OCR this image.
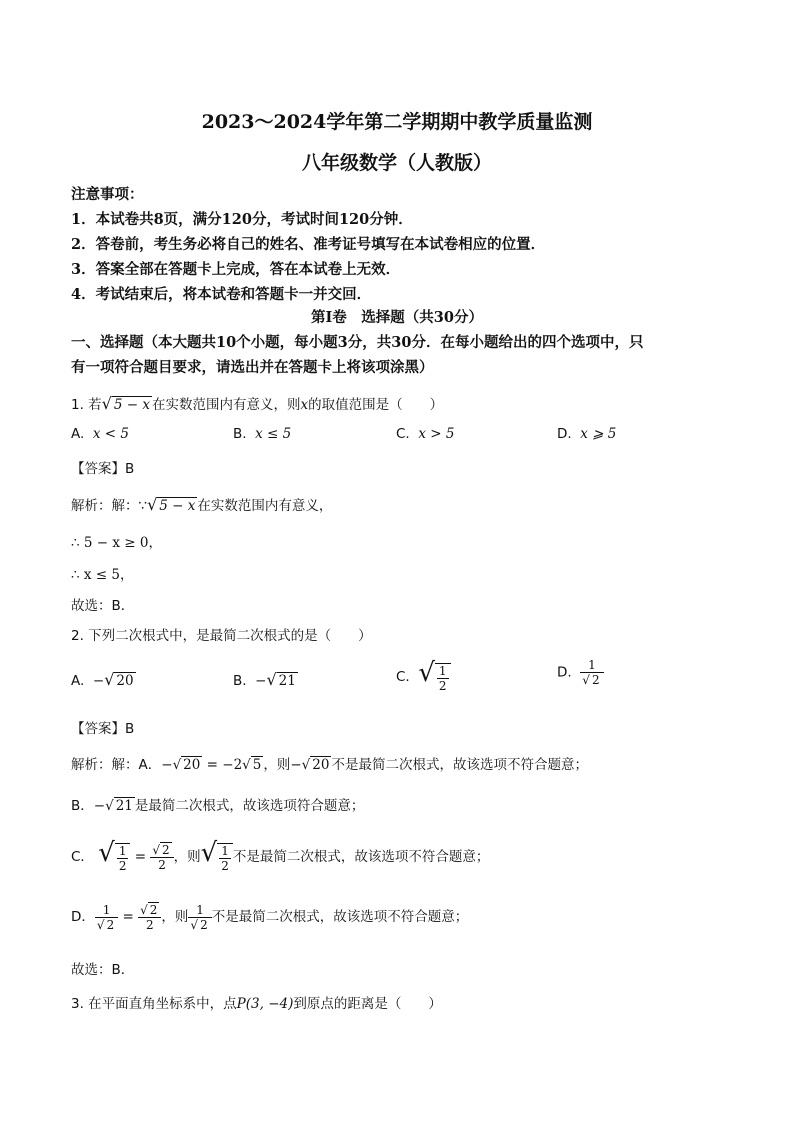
2023～2024学年第二学期期中教学质量监测
八年级数学（人教版）
注意事项：
1．本试卷共8页，满分120分，考试时间120分钟．
2．答卷前，考生务必将自己的姓名、准考证号填写在本试卷相应的位置．
3．答案全部在答题卡上完成，答在本试卷上无效．
4．考试结束后，将本试卷和答题卡一并交回．
第Ⅰ卷　选择题（共30分）
一、选择题（本大题共10个小题，每小题3分，共30分．在每小题给出的四个选项中，只
有一项符合题目要求，请选出并在答题卡上将该项涂黑）
1. 若√ 5 − x 在实数范围内有意义，则x的取值范围是（　　）
A. x < 5	B. x ≤ 5	C. x > 5	D. x ⩾ 5
【答案】B
解析：解：∵√ 5 − x 在实数范围内有意义，
∴ 5 − x ≥ 0，
∴ x ≤ 5，
故选：B．
2. 下列二次根式中，是最简二次根式的是（　　）
A. −√ 20	B. −√ 21	C. √ $\frac{1}{2}$	D. $\frac{1}{√ 2}$
【答案】B
解析：解：A．−√ 20 = −2√ 5 ，则−√ 20 不是最简二次根式，故该选项不符合题意；
B．−√ 21 是最简二次根式，故该选项符合题意；
C． √ $\frac{1}{2} = \frac{√ 2}{2}$ ，则√ $\frac{1}{2}$ 不是最简二次根式，故该选项不符合题意；
D． $\frac{1}{√ 2} = \frac{√ 2}{2}$ ，则 $\frac{1}{√ 2}$ 不是最简二次根式，故该选项不符合题意；
故选：B．
3. 在平面直角坐标系中，点P(3, −4)到原点的距离是（　　）
